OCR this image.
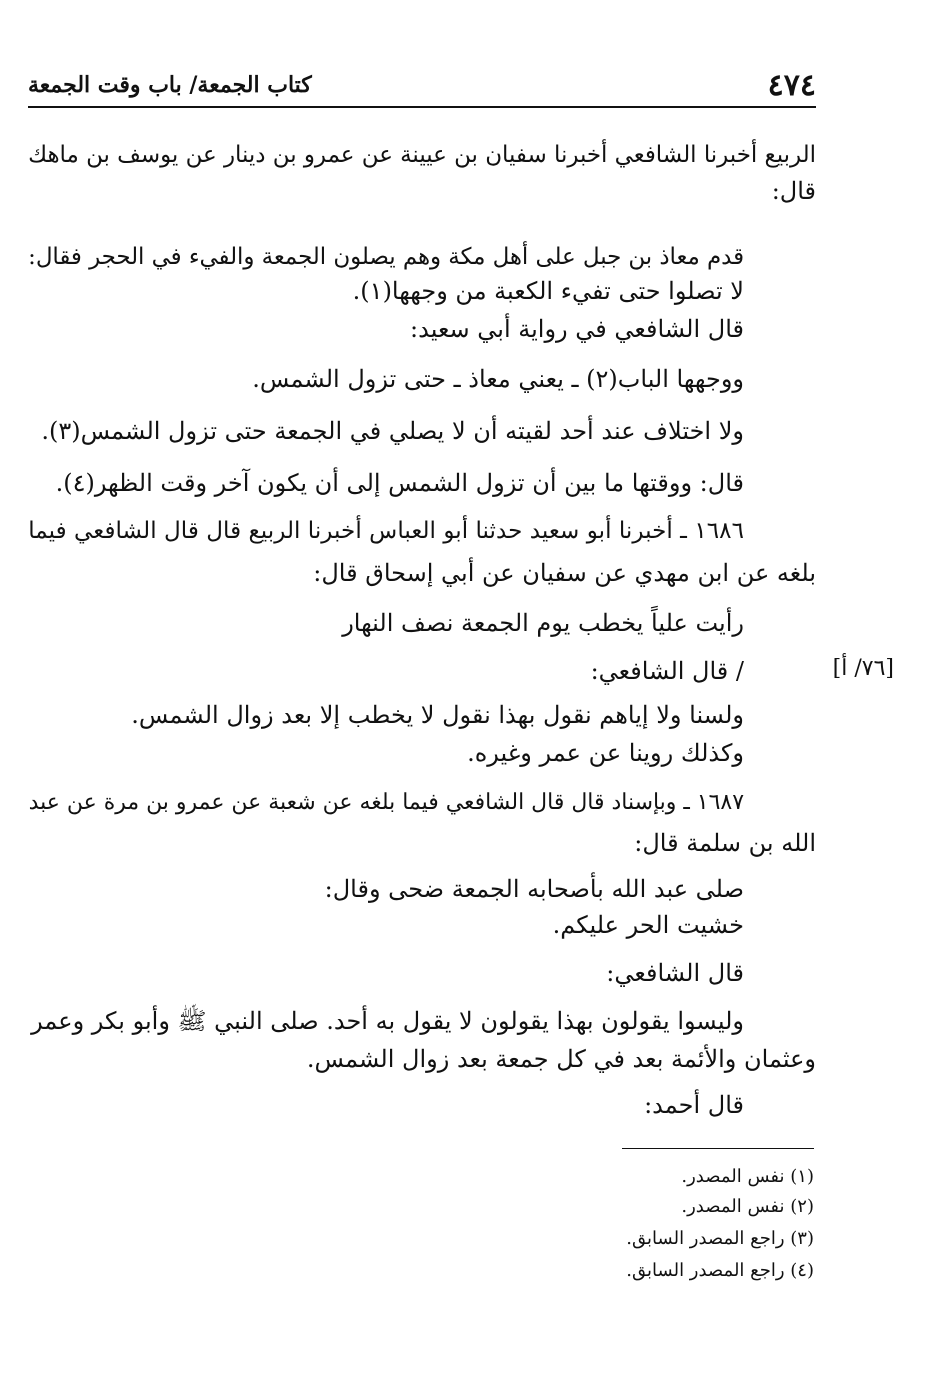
٤٧٤
كتاب الجمعة/ باب وقت الجمعة
الربيع أخبرنا الشافعي أخبرنا سفيان بن عيينة عن عمرو بن دينار عن يوسف بن ماهك
قال:
قدم معاذ بن جبل على أهل مكة وهم يصلون الجمعة والفيء في الحجر فقال:
لا تصلوا حتى تفيء الكعبة من وجهها(١).
قال الشافعي في رواية أبي سعيد:
ووجهها الباب(٢) ـ يعني معاذ ـ حتى تزول الشمس.
ولا اختلاف عند أحد لقيته أن لا يصلي في الجمعة حتى تزول الشمس(٣).
قال: ووقتها ما بين أن تزول الشمس إلى أن يكون آخر وقت الظهر(٤).
١٦٨٦ ـ أخبرنا أبو سعيد حدثنا أبو العباس أخبرنا الربيع قال قال الشافعي فيما
بلغه عن ابن مهدي عن سفيان عن أبي إسحاق قال:
رأيت علياً يخطب يوم الجمعة نصف النهار
/ قال الشافعي:
ولسنا ولا إياهم نقول بهذا نقول لا يخطب إلا بعد زوال الشمس.
وكذلك روينا عن عمر وغيره.
١٦٨٧ ـ وبإسناد قال قال الشافعي فيما بلغه عن شعبة عن عمرو بن مرة عن عبد
الله بن سلمة قال:
صلى عبد الله بأصحابه الجمعة ضحى وقال:
خشيت الحر عليكم.
قال الشافعي:
وليسوا يقولون بهذا يقولون لا يقول به أحد. صلى النبي ﷺ وأبو بكر وعمر
وعثمان والأئمة بعد في كل جمعة بعد زوال الشمس.
قال أحمد:
[٧٦/ أ]
(١) نفس المصدر.
(٢) نفس المصدر.
(٣) راجع المصدر السابق.
(٤) راجع المصدر السابق.
